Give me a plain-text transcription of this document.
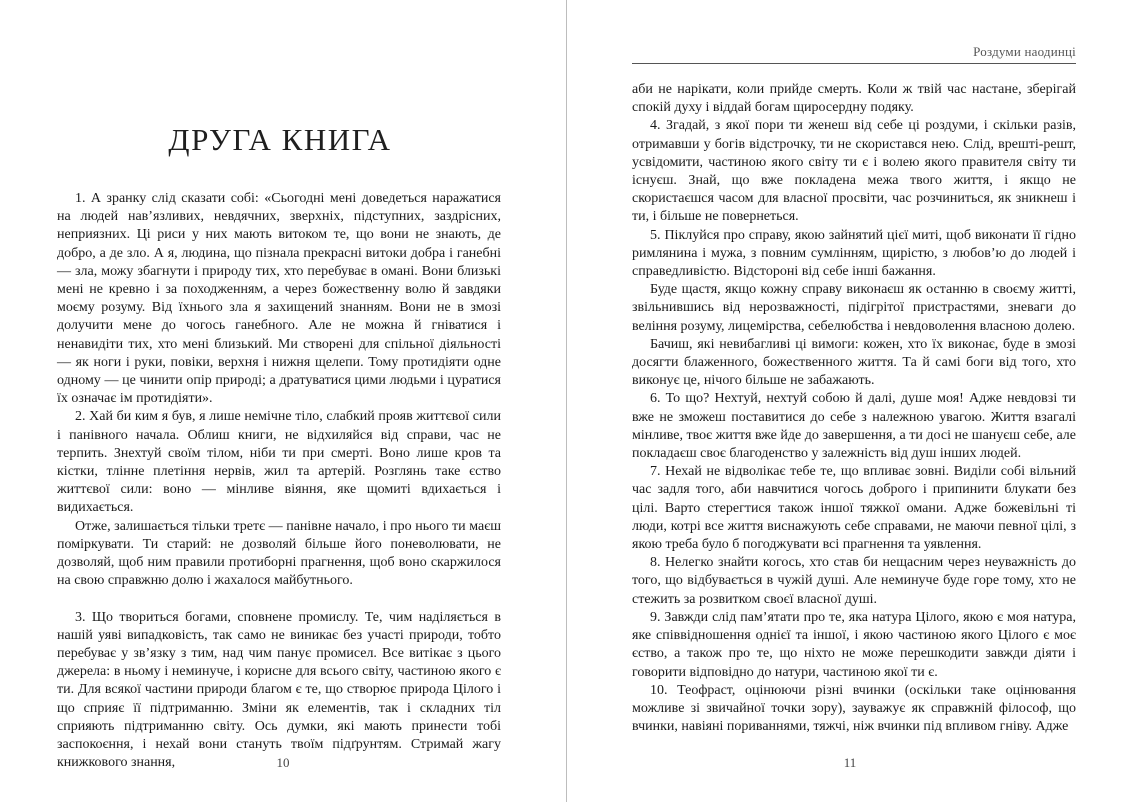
ДРУГА КНИГА

1. А зранку слід сказати собі: «Сьогодні мені доведеться наражатися на людей нав’язливих, невдячних, зверхніх, підступних, заздрісних, неприязних. Ці риси у них мають витоком те, що вони не знають, де добро, а де зло. А я, людина, що пізнала прекрасні витоки добра і ганебні — зла, можу збагнути і природу тих, хто перебуває в омані. Вони близькі мені не кревно і за походженням, а через божественну волю й завдяки моєму розуму. Від їхнього зла я захищений знанням. Вони не в змозі долучити мене до чогось ганебного. Але не можна й гніватися і ненавидіти тих, хто мені близький. Ми створені для спільної діяльності — як ноги і руки, повіки, верхня і нижня щелепи. Тому протидіяти одне одному — це чинити опір природі; а дратуватися цими людьми і цуратися їх означає ім протидіяти».

2. Хай би ким я був, я лише немічне тіло, слабкий прояв життєвої сили і панівного начала. Облиш книги, не відхиляйся від справи, час не терпить. Знехтуй своїм тілом, ніби ти при смерті. Воно лише кров та кістки, тлінне плетіння нервів, жил та артерій. Розглянь таке єство життєвої сили: воно — мінливе віяння, яке щомиті вдихається і видихається.

Отже, залишається тільки третє — панівне начало, і про нього ти маєш поміркувати. Ти старий: не дозволяй більше його поневолювати, не дозволяй, щоб ним правили протиборні прагнення, щоб воно скаржилося на свою справжню долю і жахалося майбутнього.

3. Що твориться богами, сповнене промислу. Те, чим наділяється в нашій уяві випадковість, так само не виникає без участі природи, тобто перебуває у зв’язку з тим, над чим панує промисел. Все витікає з цього джерела: в ньому і неминуче, і корисне для всього світу, частиною якого є ти. Для всякої частини природи благом є те, що створює природа Цілого і що сприяє її підтриманню. Зміни як елементів, так і складних тіл сприяють підтриманню світу. Ось думки, які мають принести тобі заспокоєння, і нехай вони стануть твоїм підґрунтям. Стримай жагу книжкового знання,	10
Роздуми наодинці

аби не нарікати, коли прийде смерть. Коли ж твій час настане, зберігай спокій духу і віддай богам щиросердну подяку.

4. Згадай, з якої пори ти женеш від себе ці роздуми, і скільки разів, отримавши у богів відстрочку, ти не скористався нею. Слід, врешті-решт, усвідомити, частиною якого світу ти є і волею якого правителя світу ти існуєш. Знай, що вже покладена межа твого життя, і якщо не скористаєшся часом для власної просвіти, час розчиниться, як зникнеш і ти, і більше не повернеться.

5. Піклуйся про справу, якою зайнятий цієї миті, щоб виконати її гідно римлянина і мужа, з повним сумлінням, щирістю, з любов’ю до людей і справедливістю. Відстороні від себе інші бажання.

Буде щастя, якщо кожну справу виконаєш як останню в своєму житті, звільнившись від нерозважності, підігрітої пристрастями, зневаги до веління розуму, лицемірства, себелюбства і невдоволення власною долею.

Бачиш, які невибагливі ці вимоги: кожен, хто їх виконає, буде в змозі досягти блаженного, божественного життя. Та й самі боги від того, хто виконує це, нічого більше не забажають.

6. То що? Нехтуй, нехтуй собою й далі, душе моя! Адже невдовзі ти вже не зможеш поставитися до себе з належною увагою. Життя взагалі мінливе, твоє життя вже йде до завершення, а ти досі не шануєш себе, але покладаєш своє благоденство у залежність від душ інших людей.

7. Нехай не відволікає тебе те, що впливає зовні. Виділи собі вільний час задля того, аби навчитися чогось доброго і припинити блукати без цілі. Варто стерегтися також іншої тяжкої омани. Адже божевільні ті люди, котрі все життя виснажують себе справами, не маючи певної цілі, з якою треба було б погоджувати всі прагнення та уявлення.

8. Нелегко знайти когось, хто став би нещасним через неуважність до того, що відбувається в чужій душі. Але неминуче буде горе тому, хто не стежить за розвитком своєї власної душі.

9. Завжди слід пам’ятати про те, яка натура Цілого, якою є моя натура, яке співвідношення однієї та іншої, і якою частиною якого Цілого є моє єство, а також про те, що ніхто не може перешкодити завжди діяти і говорити відповідно до натури, частиною якої ти є.

10. Теофраст, оцінюючи різні вчинки (оскільки таке оцінювання можливе зі звичайної точки зору), зауважує як справжній філософ, що вчинки, навіяні пориваннями, тяжчі, ніж вчинки під впливом гніву. Адже

11
